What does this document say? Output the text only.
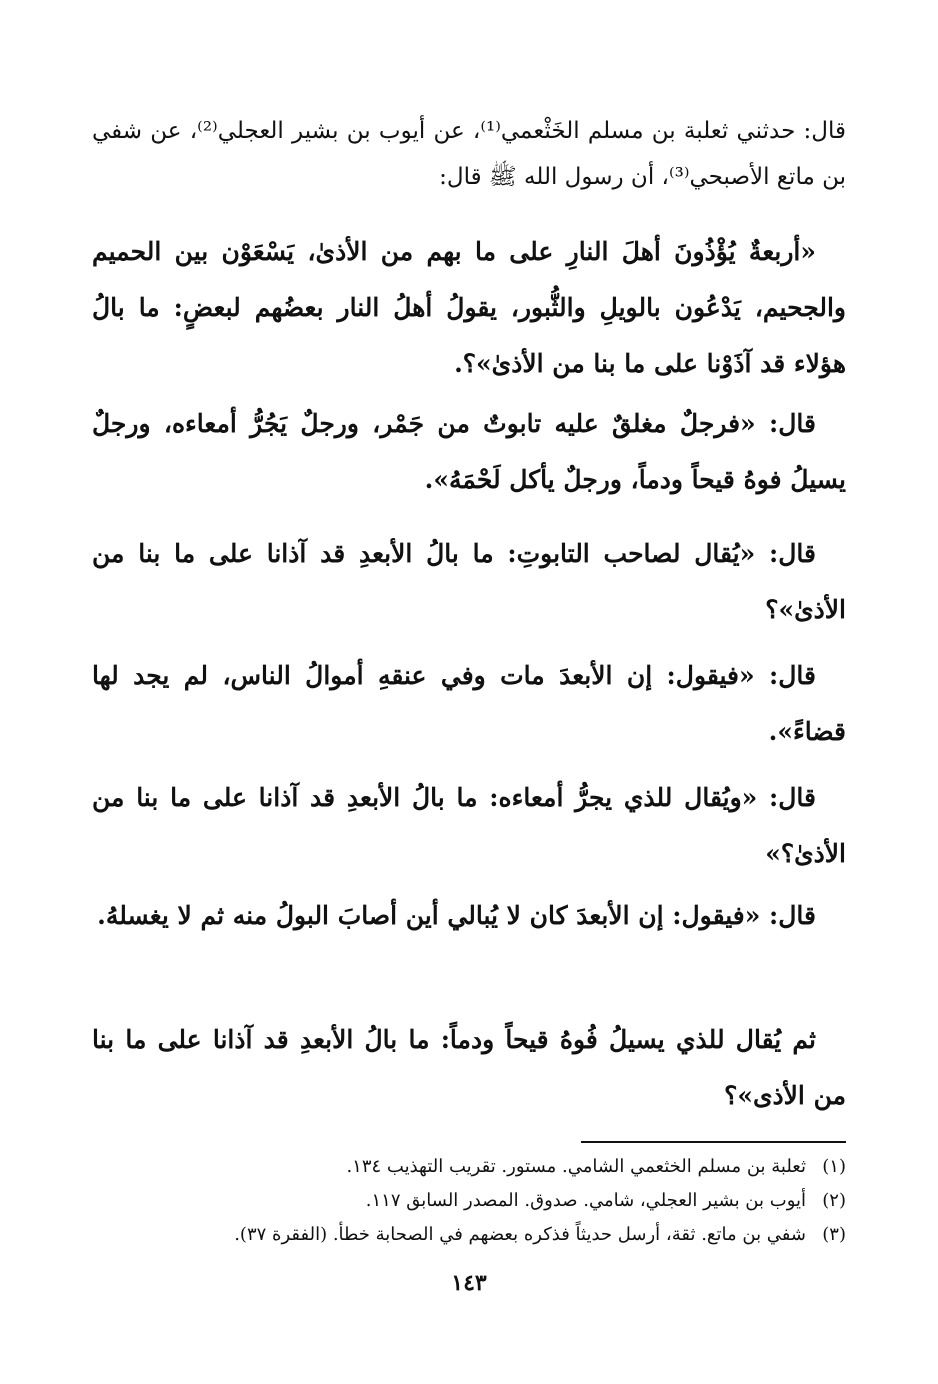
قال: حدثني ثعلبة بن مسلم الخَثْعمي⁽¹⁾، عن أيوب بن بشير العجلي⁽²⁾، عن شفي بن ماتع الأصبحي⁽³⁾، أن رسول الله ﷺ قال:

«أربعةٌ يُؤْذُونَ أهلَ النارِ على ما بهم من الأذىٰ، يَسْعَوْن بين الحميم والجحيم، يَدْعُون بالويلِ والثُّبور، يقولُ أهلُ النار بعضُهم لبعضٍ: ما بالُ هؤلاء قد آذَوْنا على ما بنا من الأذىٰ»؟.

قال: «فرجلٌ مغلقٌ عليه تابوتٌ من جَمْر، ورجلٌ يَجُرُّ أمعاءه، ورجلٌ يسيلُ فوهُ قيحاً ودماً، ورجلٌ يأكل لَحْمَهُ».

قال: «يُقال لصاحب التابوتِ: ما بالُ الأبعدِ قد آذانا على ما بنا من الأذىٰ»؟

قال: «فيقول: إن الأبعدَ مات وفي عنقهِ أموالُ الناس، لم يجد لها قضاءً».

قال: «ويُقال للذي يجرُّ أمعاءه: ما بالُ الأبعدِ قد آذانا على ما بنا من الأذىٰ؟»

قال: «فيقول: إن الأبعدَ كان لا يُبالي أين أصابَ البولُ منه ثم لا يغسلهُ.

ثم يُقال للذي يسيلُ فُوهُ قيحاً ودماً: ما بالُ الأبعدِ قد آذانا على ما بنا من الأذى»؟

(١)
ثعلبة بن مسلم الخثعمي الشامي. مستور. تقريب التهذيب ١٣٤.
(٢)
أيوب بن بشير العجلي، شامي. صدوق. المصدر السابق ١١٧.
(٣)
شفي بن ماتع. ثقة، أرسل حديثاً فذكره بعضهم في الصحابة خطأ. (الفقرة ٣٧).
١٤٣
